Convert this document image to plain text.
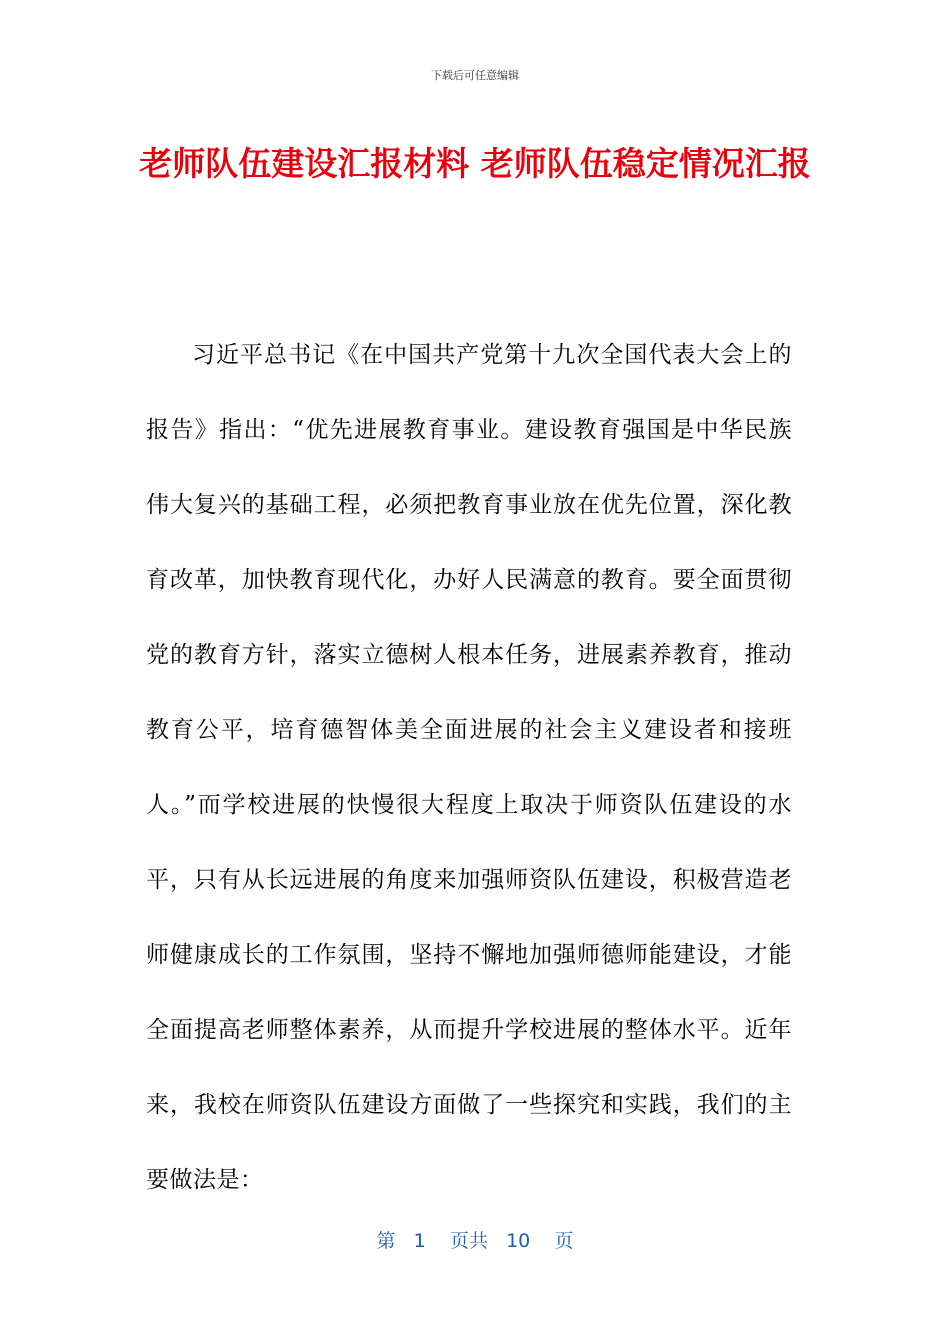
下载后可任意编辑
老师队伍建设汇报材料 老师队伍稳定情况汇报
习近平总书记《在中国共产党第十九次全国代表大会上的报告》指出：“优先进展教育事业。建设教育强国是中华民族伟大复兴的基础工程，必须把教育事业放在优先位置，深化教育改革，加快教育现代化，办好人民满意的教育。要全面贯彻党的教育方针，落实立德树人根本任务，进展素养教育，推动教育公平，培育德智体美全面进展的社会主义建设者和接班人。”而学校进展的快慢很大程度上取决于师资队伍建设的水平，只有从长远进展的角度来加强师资队伍建设，积极营造老师健康成长的工作氛围，坚持不懈地加强师德师能建设，才能全面提高老师整体素养，从而提升学校进展的整体水平。近年来，我校在师资队伍建设方面做了一些探究和实践，我们的主要做法是：
第 1 页共 10 页
